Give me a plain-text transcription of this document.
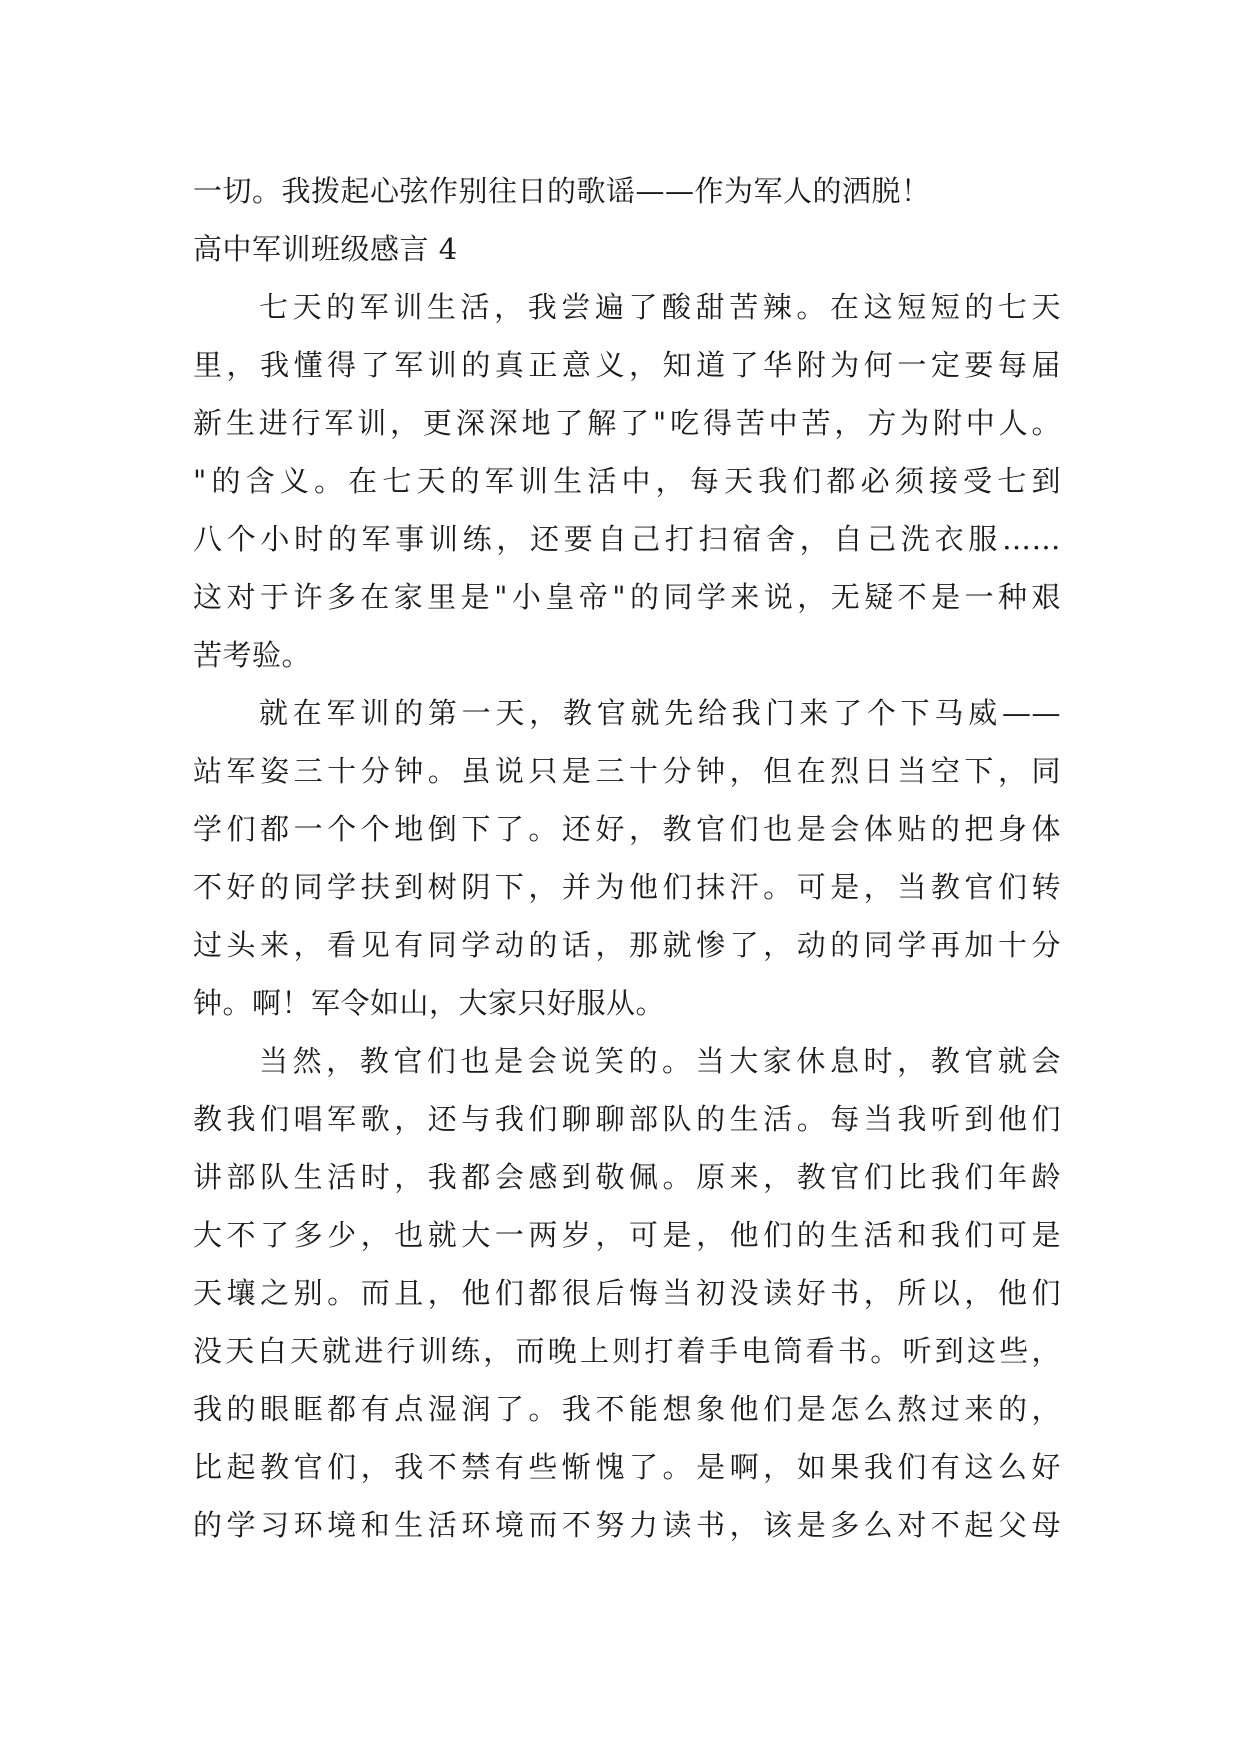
一切。我拨起心弦作别往日的歌谣——作为军人的洒脱！
高中军训班级感言 4
七天的军训生活，我尝遍了酸甜苦辣。在这短短的七天
里，我懂得了军训的真正意义，知道了华附为何一定要每届
新生进行军训，更深深地了解了"吃得苦中苦，方为附中人。
"的含义。在七天的军训生活中，每天我们都必须接受七到
八个小时的军事训练，还要自己打扫宿舍，自己洗衣服……
这对于许多在家里是"小皇帝"的同学来说，无疑不是一种艰
苦考验。
就在军训的第一天，教官就先给我门来了个下马威——
站军姿三十分钟。虽说只是三十分钟，但在烈日当空下，同
学们都一个个地倒下了。还好，教官们也是会体贴的把身体
不好的同学扶到树阴下，并为他们抹汗。可是，当教官们转
过头来，看见有同学动的话，那就惨了，动的同学再加十分
钟。啊！军令如山，大家只好服从。
当然，教官们也是会说笑的。当大家休息时，教官就会
教我们唱军歌，还与我们聊聊部队的生活。每当我听到他们
讲部队生活时，我都会感到敬佩。原来，教官们比我们年龄
大不了多少，也就大一两岁，可是，他们的生活和我们可是
天壤之别。而且，他们都很后悔当初没读好书，所以，他们
没天白天就进行训练，而晚上则打着手电筒看书。听到这些，
我的眼眶都有点湿润了。我不能想象他们是怎么熬过来的，
比起教官们，我不禁有些惭愧了。是啊，如果我们有这么好
的学习环境和生活环境而不努力读书，该是多么对不起父母
